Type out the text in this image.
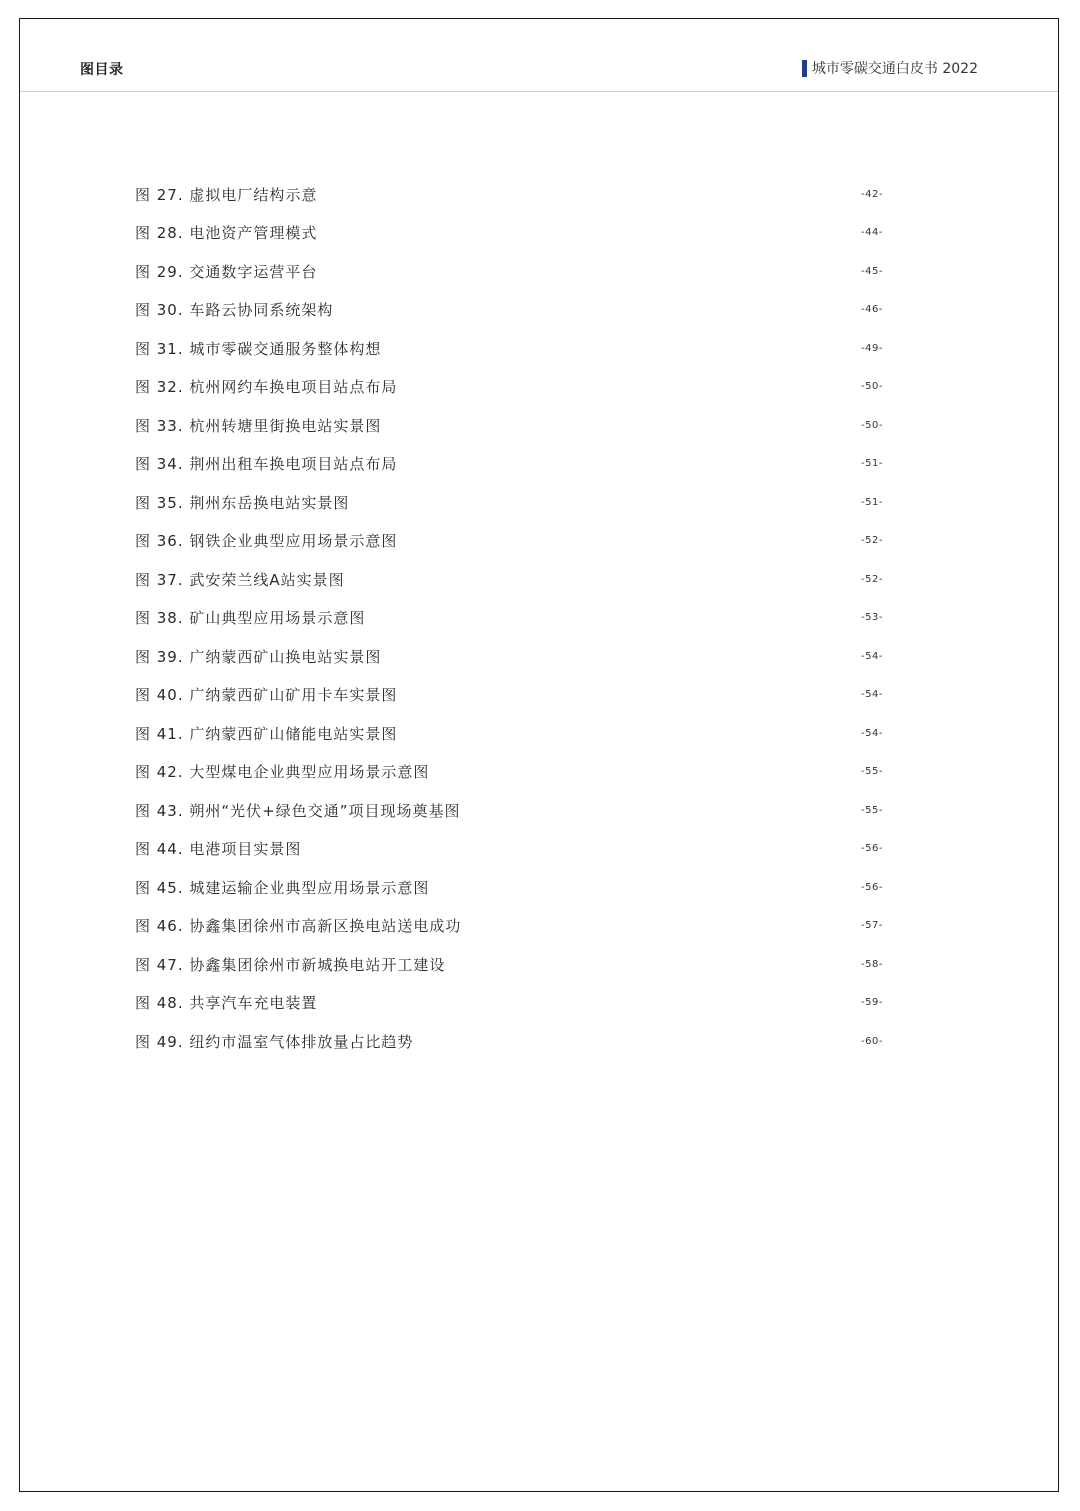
图目录	城市零碳交通白皮书 2022
图 27. 虚拟电厂结构示意	-42-
图 28. 电池资产管理模式	-44-
图 29. 交通数字运营平台	-45-
图 30. 车路云协同系统架构	-46-
图 31. 城市零碳交通服务整体构想	-49-
图 32. 杭州网约车换电项目站点布局	-50-
图 33. 杭州转塘里街换电站实景图	-50-
图 34. 荆州出租车换电项目站点布局	-51-
图 35. 荆州东岳换电站实景图	-51-
图 36. 钢铁企业典型应用场景示意图	-52-
图 37. 武安荣兰线A站实景图	-52-
图 38. 矿山典型应用场景示意图	-53-
图 39. 广纳蒙西矿山换电站实景图	-54-
图 40. 广纳蒙西矿山矿用卡车实景图	-54-
图 41. 广纳蒙西矿山储能电站实景图	-54-
图 42. 大型煤电企业典型应用场景示意图	-55-
图 43. 朔州“光伏+绿色交通”项目现场奠基图	-55-
图 44. 电港项目实景图	-56-
图 45. 城建运输企业典型应用场景示意图	-56-
图 46. 协鑫集团徐州市高新区换电站送电成功	-57-
图 47. 协鑫集团徐州市新城换电站开工建设	-58-
图 48. 共享汽车充电装置	-59-
图 49. 纽约市温室气体排放量占比趋势	-60-
